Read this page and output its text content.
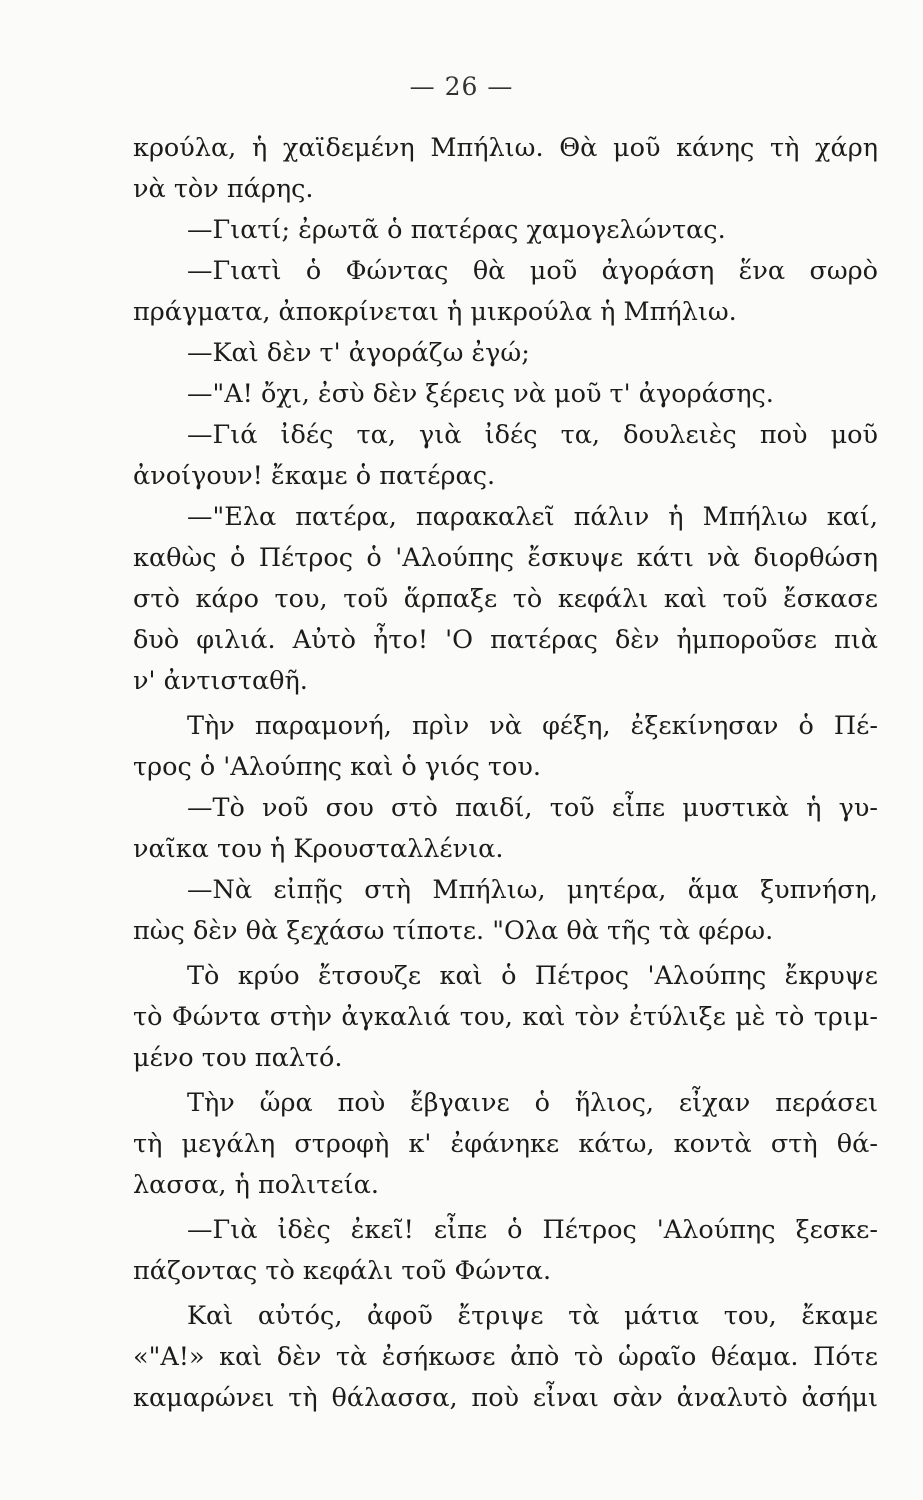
— 26 —
κρούλα, ἡ χαϊδεμένη Μπήλιω. Θὰ μοῦ κάνης τὴ χάρη
νὰ τὸν πάρης.
—Γιατί; ἐρωτᾶ ὁ πατέρας χαμογελώντας.
—Γιατὶ ὁ Φώντας θὰ μοῦ ἀγοράση ἕνα σωρὸ
πράγματα, ἀποκρίνεται ἡ μικρούλα ἡ Μπήλιω.
—Καὶ δὲν τ' ἀγοράζω ἐγώ;
—"Α! ὄχι, ἐσὺ δὲν ξέρεις νὰ μοῦ τ' ἀγοράσης.
—Γιά ἰδές τα, γιὰ ἰδές τα, δουλειὲς ποὺ μοῦ
ἀνοίγουν! ἔκαμε ὁ πατέρας.
—"Ελα πατέρα, παρακαλεῖ πάλιν ἡ Μπήλιω καί,
καθὼς ὁ Πέτρος ὁ 'Αλούπης ἔσκυψε κάτι νὰ διορθώση
στὸ κάρο του, τοῦ ἅρπαξε τὸ κεφάλι καὶ τοῦ ἔσκασε
δυὸ φιλιά. Αὐτὸ ἦτο! 'Ο πατέρας δὲν ἠμποροῦσε πιὰ
ν' ἀντισταθῆ.
Τὴν παραμονή, πρὶν νὰ φέξη, ἐξεκίνησαν ὁ Πέ-
τρος ὁ 'Αλούπης καὶ ὁ γιός του.
—Τὸ νοῦ σου στὸ παιδί, τοῦ εἶπε μυστικὰ ἡ γυ-
ναῖκα του ἡ Κρουσταλλένια.
—Νὰ εἰπῇς στὴ Μπήλιω, μητέρα, ἅμα ξυπνήση,
πὼς δὲν θὰ ξεχάσω τίποτε. "Ολα θὰ τῆς τὰ φέρω.
Τὸ κρύο ἔτσουζε καὶ ὁ Πέτρος 'Αλούπης ἔκρυψε
τὸ Φώντα στὴν ἀγκαλιά του, καὶ τὸν ἐτύλιξε μὲ τὸ τριμ-
μένο του παλτό.
Τὴν ὥρα ποὺ ἔβγαινε ὁ ἥλιος, εἶχαν περάσει
τὴ μεγάλη στροφὴ κ' ἐφάνηκε κάτω, κοντὰ στὴ θά-
λασσα, ἡ πολιτεία.
—Γιὰ ἰδὲς ἐκεῖ! εἶπε ὁ Πέτρος 'Αλούπης ξεσκε-
πάζοντας τὸ κεφάλι τοῦ Φώντα.
Καὶ αὐτός, ἀφοῦ ἔτριψε τὰ μάτια του, ἔκαμε
«"Α!» καὶ δὲν τὰ ἐσήκωσε ἀπὸ τὸ ὡραῖο θέαμα. Πότε
καμαρώνει τὴ θάλασσα, ποὺ εἶναι σὰν ἀναλυτὸ ἀσήμι
